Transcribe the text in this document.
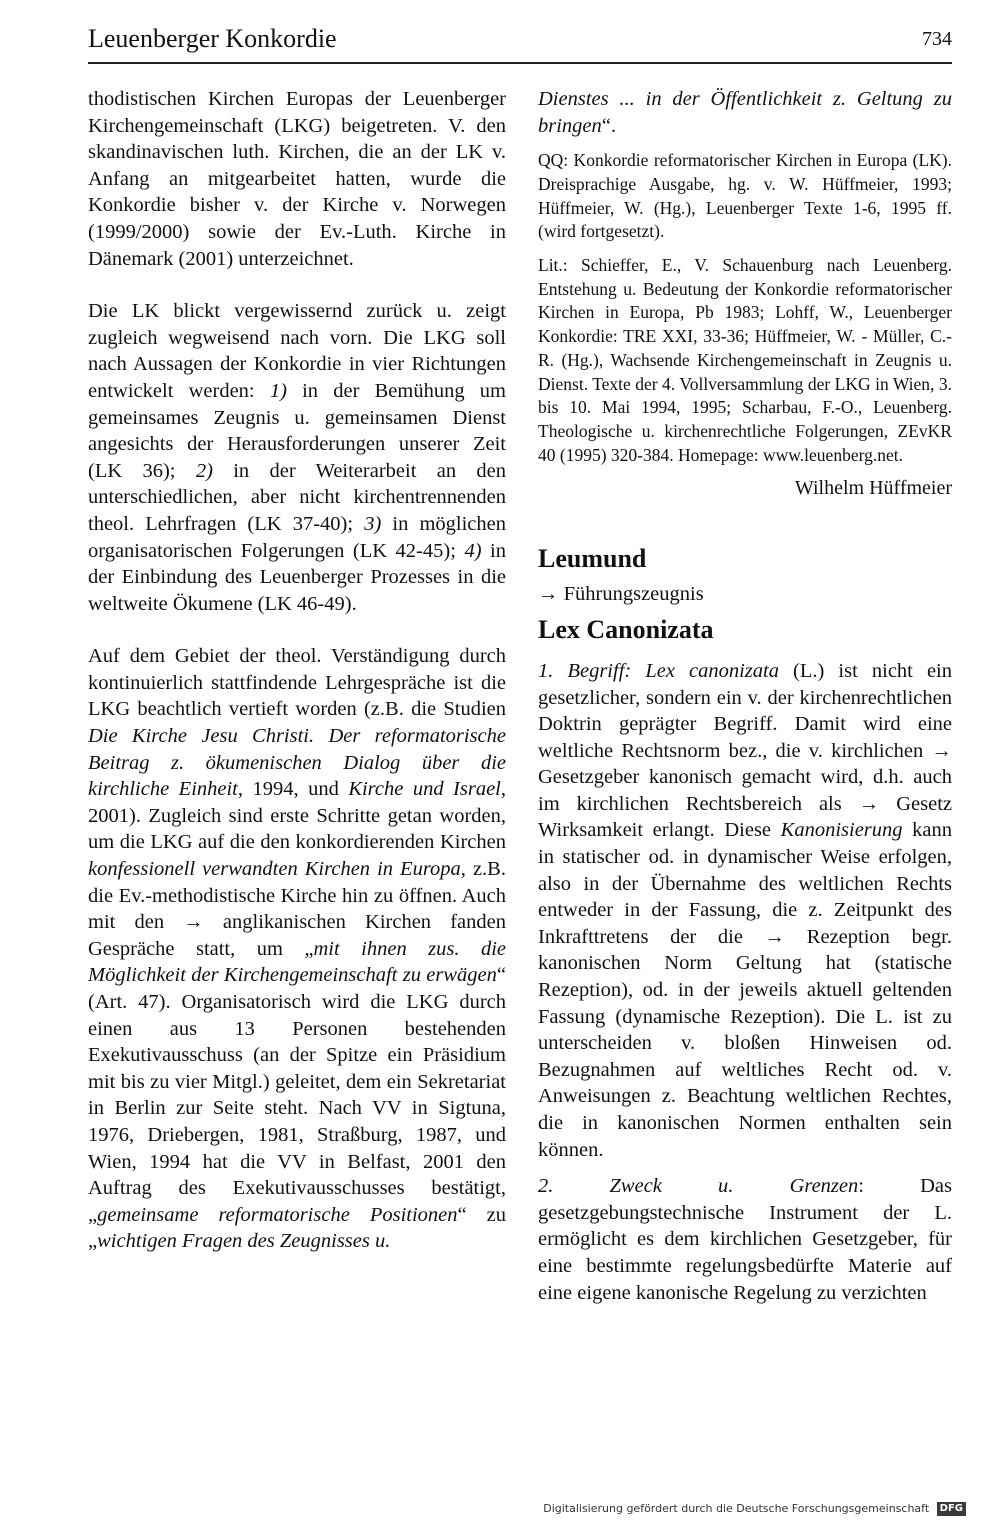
Leuenberger Konkordie	734

thodistischen Kirchen Europas der Leuenberger Kirchengemeinschaft (LKG) beigetreten. V. den skandinavischen luth. Kirchen, die an der LK v. Anfang an mitgearbeitet hatten, wurde die Konkordie bisher v. der Kirche v. Norwegen (1999/2000) sowie der Ev.-Luth. Kirche in Dänemark (2001) unterzeichnet.

Die LK blickt vergewissernd zurück u. zeigt zugleich wegweisend nach vorn. Die LKG soll nach Aussagen der Konkordie in vier Richtungen entwickelt werden: 1) in der Bemühung um gemeinsames Zeugnis u. gemeinsamen Dienst angesichts der Herausforderungen unserer Zeit (LK 36); 2) in der Weiterarbeit an den unterschiedlichen, aber nicht kirchentrennenden theol. Lehrfragen (LK 37-40); 3) in möglichen organisatorischen Folgerungen (LK 42-45); 4) in der Einbindung des Leuenberger Prozesses in die weltweite Ökumene (LK 46-49).

Auf dem Gebiet der theol. Verständigung durch kontinuierlich stattfindende Lehrgespräche ist die LKG beachtlich vertieft worden (z.B. die Studien Die Kirche Jesu Christi. Der reformatorische Beitrag z. ökumenischen Dialog über die kirchliche Einheit, 1994, und Kirche und Israel, 2001). Zugleich sind erste Schritte getan worden, um die LKG auf die den konkordierenden Kirchen konfessionell verwandten Kirchen in Europa, z.B. die Ev.-methodistische Kirche hin zu öffnen. Auch mit den → anglikanischen Kirchen fanden Gespräche statt, um „mit ihnen zus. die Möglichkeit der Kirchengemeinschaft zu erwägen“ (Art. 47). Organisatorisch wird die LKG durch einen aus 13 Personen bestehenden Exekutivausschuss (an der Spitze ein Präsidium mit bis zu vier Mitgl.) geleitet, dem ein Sekretariat in Berlin zur Seite steht. Nach VV in Sigtuna, 1976, Driebergen, 1981, Straßburg, 1987, und Wien, 1994 hat die VV in Belfast, 2001 den Auftrag des Exekutivausschusses bestätigt, „gemeinsame reformatorische Positionen“ zu „wichtigen Fragen des Zeugnisses u.

Dienstes ... in der Öffentlichkeit z. Geltung zu bringen“.

QQ: Konkordie reformatorischer Kirchen in Europa (LK). Dreisprachige Ausgabe, hg. v. W. Hüffmeier, 1993; Hüffmeier, W. (Hg.), Leuenberger Texte 1-6, 1995 ff. (wird fortgesetzt).

Lit.: Schieffer, E., V. Schauenburg nach Leuenberg. Entstehung u. Bedeutung der Konkordie reformatorischer Kirchen in Europa, Pb 1983; Lohff, W., Leuenberger Konkordie: TRE XXI, 33-36; Hüffmeier, W. - Müller, C.-R. (Hg.), Wachsende Kirchengemeinschaft in Zeugnis u. Dienst. Texte der 4. Vollversammlung der LKG in Wien, 3. bis 10. Mai 1994, 1995; Scharbau, F.-O., Leuenberg. Theologische u. kirchenrechtliche Folgerungen, ZEvKR 40 (1995) 320-384. Homepage: www.leuenberg.net.

Wilhelm Hüffmeier

Leumund

→ Führungszeugnis

Lex Canonizata

1. Begriff: Lex canonizata (L.) ist nicht ein gesetzlicher, sondern ein v. der kirchenrechtlichen Doktrin geprägter Begriff. Damit wird eine weltliche Rechtsnorm bez., die v. kirchlichen → Gesetzgeber kanonisch gemacht wird, d.h. auch im kirchlichen Rechtsbereich als → Gesetz Wirksamkeit erlangt. Diese Kanonisierung kann in statischer od. in dynamischer Weise erfolgen, also in der Übernahme des weltlichen Rechts entweder in der Fassung, die z. Zeitpunkt des Inkrafttretens der die → Rezeption begr. kanonischen Norm Geltung hat (statische Rezeption), od. in der jeweils aktuell geltenden Fassung (dynamische Rezeption). Die L. ist zu unterscheiden v. bloßen Hinweisen od. Bezugnahmen auf weltliches Recht od. v. Anweisungen z. Beachtung weltlichen Rechtes, die in kanonischen Normen enthalten sein können.

2. Zweck u. Grenzen: Das gesetzgebungstechnische Instrument der L. ermöglicht es dem kirchlichen Gesetzgeber, für eine bestimmte regelungsbedürfte Materie auf eine eigene kanonische Regelung zu verzichten

Digitalisierung gefördert durch die Deutsche Forschungsgemeinschaft DFG
